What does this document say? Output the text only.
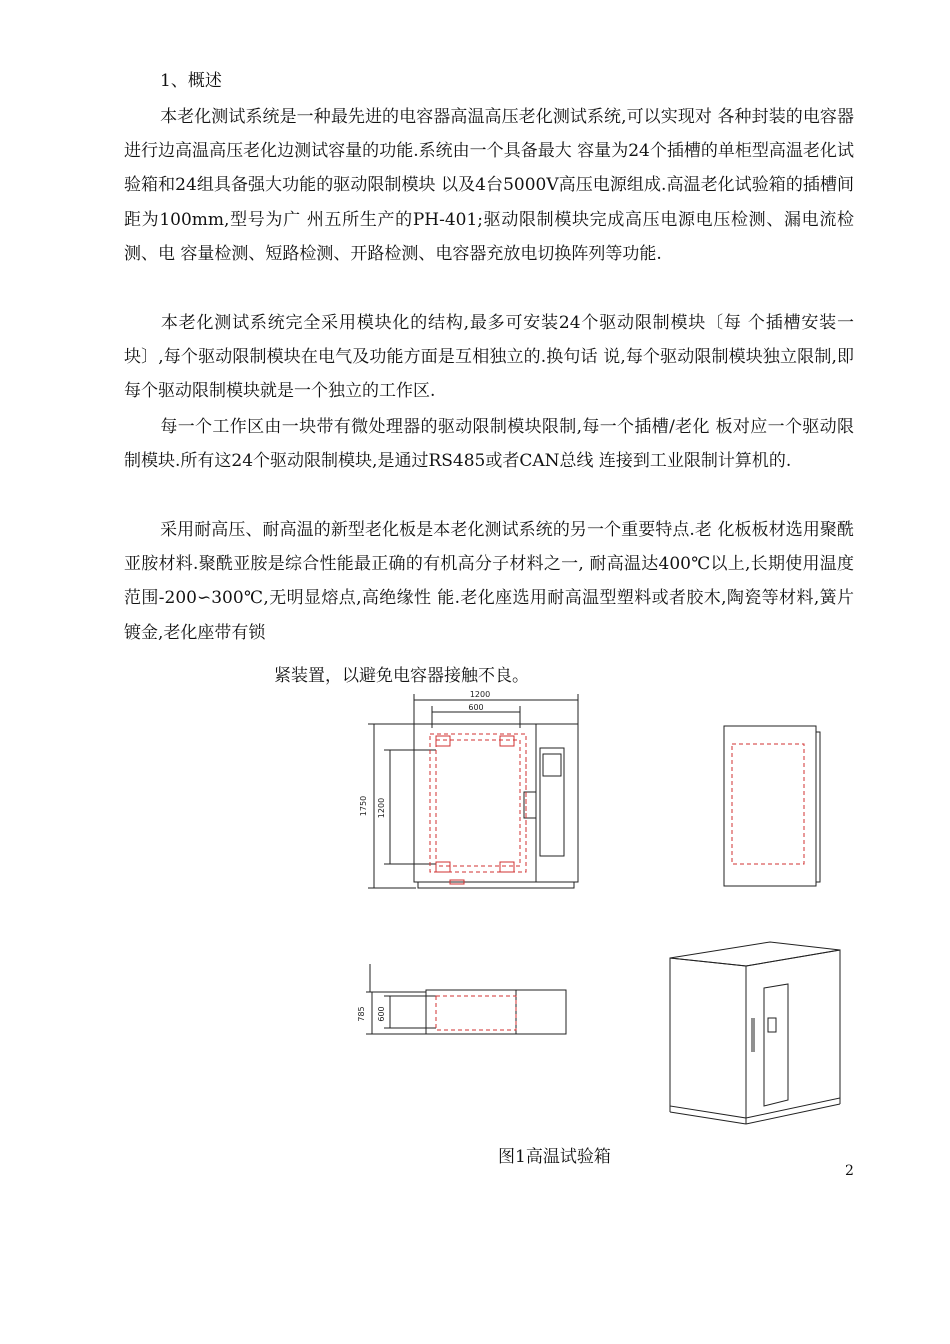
1、概述

本老化测试系统是一种最先进的电容器高温高压老化测试系统,可以实现对 各种封装的电容器进行边高温高压老化边测试容量的功能.系统由一个具备最大 容量为24个插槽的单柜型高温老化试验箱和24组具备强大功能的驱动限制模块 以及4台5000V高压电源组成.高温老化试验箱的插槽间距为100mm,型号为广 州五所生产的PH-401;驱动限制模块完成高压电源电压检测、漏电流检测、电 容量检测、短路检测、开路检测、电容器充放电切换阵列等功能.

本老化测试系统完全采用模块化的结构,最多可安装24个驱动限制模块〔每 个插槽安装一块〕,每个驱动限制模块在电气及功能方面是互相独立的.换句话 说,每个驱动限制模块独立限制,即每个驱动限制模块就是一个独立的工作区.

每一个工作区由一块带有微处理器的驱动限制模块限制,每一个插槽/老化 板对应一个驱动限制模块.所有这24个驱动限制模块,是通过RS485或者CAN总线 连接到工业限制计算机的.

采用耐高压、耐高温的新型老化板是本老化测试系统的另一个重要特点.老 化板板材选用聚酰亚胺材料.聚酰亚胺是综合性能最正确的有机高分子材料之一, 耐高温达400℃以上,长期使用温度范围-200∽300℃,无明显熔点,高绝缘性 能.老化座选用耐高温型塑料或者胶木,陶瓷等材料,簧片镀金,老化座带有锁

紧装置，以避免电容器接触不良。
1200
600
1750 1200
785 600
图1高温试验箱
2
